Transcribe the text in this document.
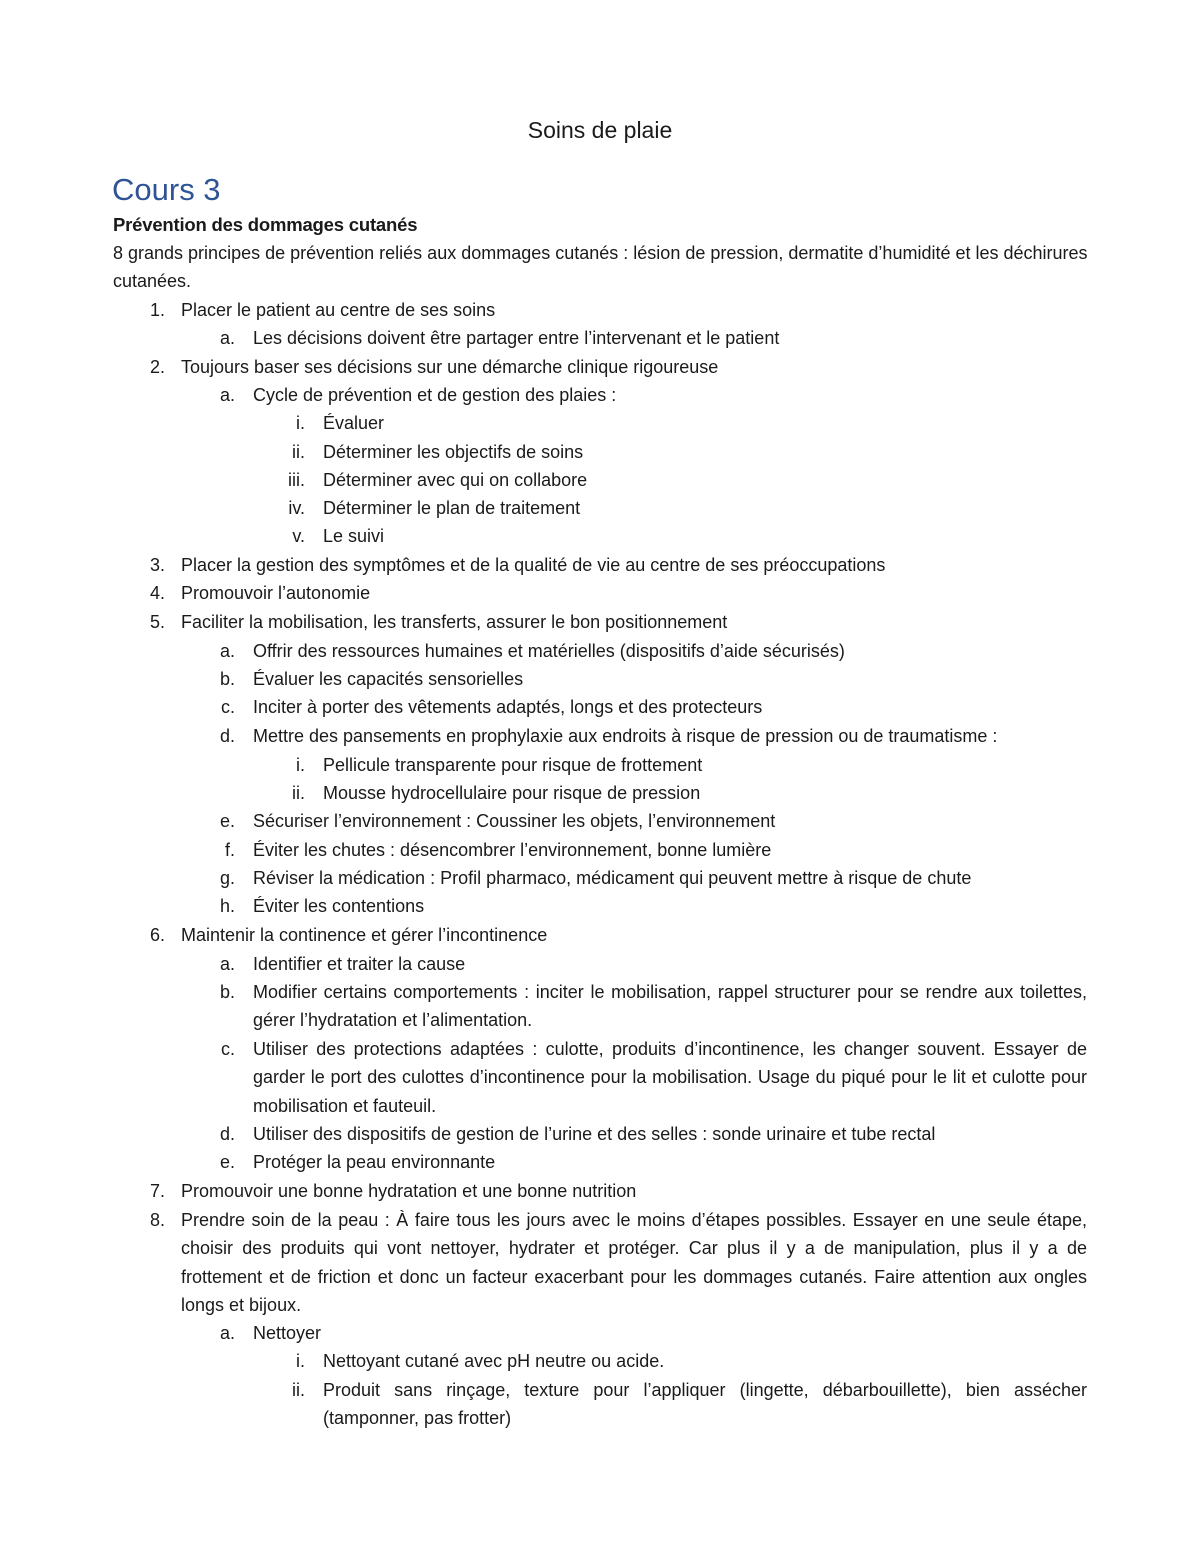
Soins de plaie
Cours 3
Prévention des dommages cutanés
8 grands principes de prévention reliés aux dommages cutanés : lésion de pression, dermatite d’humidité et les déchirures cutanées.
1. Placer le patient au centre de ses soins
a. Les décisions doivent être partager entre l’intervenant et le patient
2. Toujours baser ses décisions sur une démarche clinique rigoureuse
a. Cycle de prévention et de gestion des plaies :
i. Évaluer
ii. Déterminer les objectifs de soins
iii. Déterminer avec qui on collabore
iv. Déterminer le plan de traitement
v. Le suivi
3. Placer la gestion des symptômes et de la qualité de vie au centre de ses préoccupations
4. Promouvoir l’autonomie
5. Faciliter la mobilisation, les transferts, assurer le bon positionnement
a. Offrir des ressources humaines et matérielles (dispositifs d’aide sécurisés)
b. Évaluer les capacités sensorielles
c. Inciter à porter des vêtements adaptés, longs et des protecteurs
d. Mettre des pansements en prophylaxie aux endroits à risque de pression ou de traumatisme :
i. Pellicule transparente pour risque de frottement
ii. Mousse hydrocellulaire pour risque de pression
e. Sécuriser l’environnement : Coussiner les objets, l’environnement
f. Éviter les chutes : désencombrer l’environnement, bonne lumière
g. Réviser la médication : Profil pharmaco, médicament qui peuvent mettre à risque de chute
h. Éviter les contentions
6. Maintenir la continence et gérer l’incontinence
a. Identifier et traiter la cause
b. Modifier certains comportements : inciter le mobilisation, rappel structurer pour se rendre aux toilettes, gérer l’hydratation et l’alimentation.
c. Utiliser des protections adaptées : culotte, produits d’incontinence, les changer souvent. Essayer de garder le port des culottes d’incontinence pour la mobilisation. Usage du piqué pour le lit et culotte pour mobilisation et fauteuil.
d. Utiliser des dispositifs de gestion de l’urine et des selles : sonde urinaire et tube rectal
e. Protéger la peau environnante
7. Promouvoir une bonne hydratation et une bonne nutrition
8. Prendre soin de la peau : À faire tous les jours avec le moins d’étapes possibles. Essayer en une seule étape, choisir des produits qui vont nettoyer, hydrater et protéger. Car plus il y a de manipulation, plus il y a de frottement et de friction et donc un facteur exacerbant pour les dommages cutanés. Faire attention aux ongles longs et bijoux.
a. Nettoyer
i. Nettoyant cutané avec pH neutre ou acide.
ii. Produit sans rinçage, texture pour l’appliquer (lingette, débarbouillette), bien assécher (tamponner, pas frotter)
